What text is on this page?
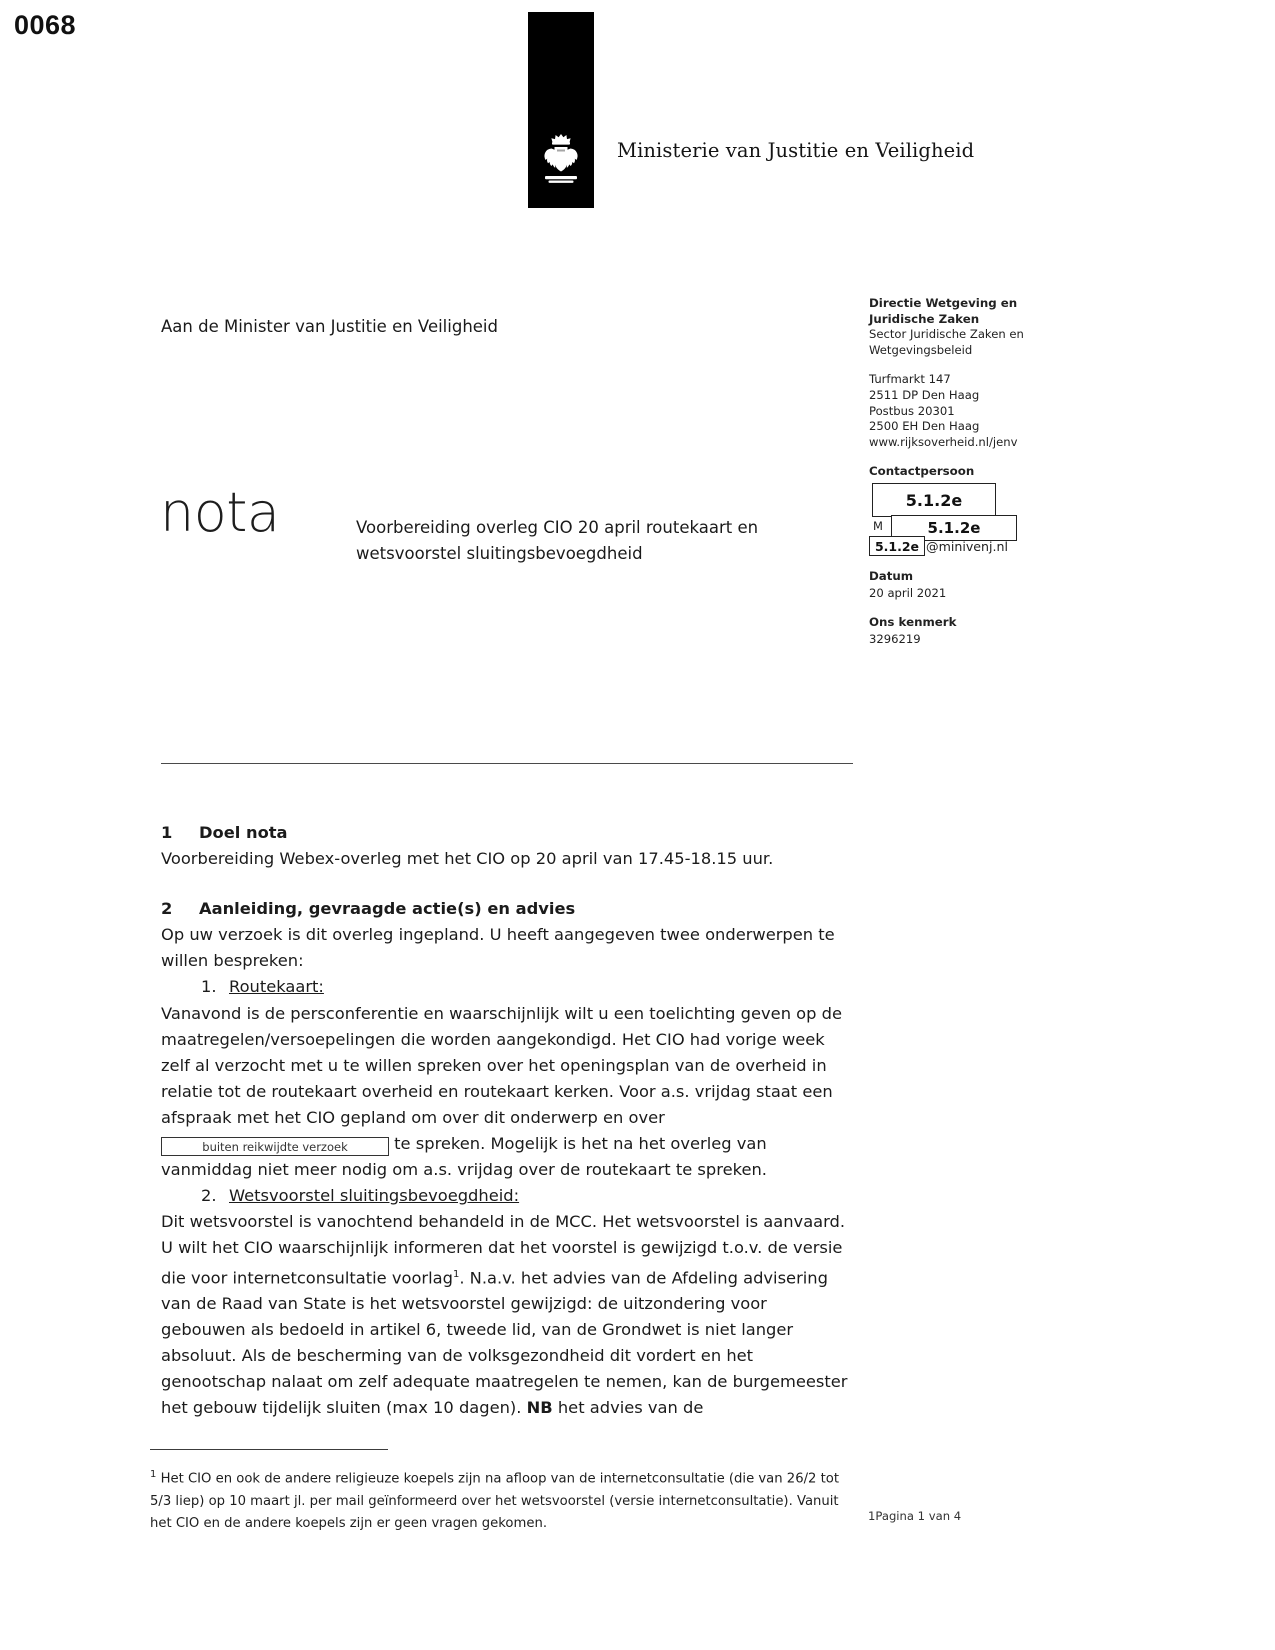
0068
Ministerie van Justitie en Veiligheid
Aan de Minister van Justitie en Veiligheid
nota	Voorbereiding overleg CIO 20 april routekaart en wetsvoorstel sluitingsbevoegdheid
Directie Wetgeving en
Juridische Zaken
Sector Juridische Zaken en
Wetgevingsbeleid
Turfmarkt 147
2511 DP Den Haag
Postbus 20301
2500 EH Den Haag
www.rijksoverheid.nl/jenv
Contactpersoon
5.1.2e
M	5.1.2e
5.1.2e @minivenj.nl
Datum
20 april 2021
Ons kenmerk
3296219
1 Doel nota

Voorbereiding Webex-overleg met het CIO op 20 april van 17.45-18.15 uur.

2 Aanleiding, gevraagde actie(s) en advies

Op uw verzoek is dit overleg ingepland. U heeft aangegeven twee onderwerpen te willen bespreken:

1. Routekaart:

Vanavond is de persconferentie en waarschijnlijk wilt u een toelichting geven op de maatregelen/versoepelingen die worden aangekondigd. Het CIO had vorige week zelf al verzocht met u te willen spreken over het openingsplan van de overheid in relatie tot de routekaart overheid en routekaart kerken. Voor a.s. vrijdag staat een afspraak met het CIO gepland om over dit onderwerp en over buiten reikwijdte verzoek	te spreken. Mogelijk is het na het overleg van vanmiddag niet meer nodig om a.s. vrijdag over de routekaart te spreken.

2. Wetsvoorstel sluitingsbevoegdheid:

Dit wetsvoorstel is vanochtend behandeld in de MCC. Het wetsvoorstel is aanvaard. U wilt het CIO waarschijnlijk informeren dat het voorstel is gewijzigd t.o.v. de versie die voor internetconsultatie voorlag$^1$. N.a.v. het advies van de Afdeling advisering van de Raad van State is het wetsvoorstel gewijzigd: de uitzondering voor gebouwen als bedoeld in artikel 6, tweede lid, van de Grondwet is niet langer absoluut. Als de bescherming van de volksgezondheid dit vordert en het genootschap nalaat om zelf adequate maatregelen te nemen, kan de burgemeester het gebouw tijdelijk sluiten (max 10 dagen). NB het advies van de

$^1$ Het CIO en ook de andere religieuze koepels zijn na afloop van de internetconsultatie (die van 26/2 tot 5/3 liep) op 10 maart jl. per mail geïnformeerd over het wetsvoorstel (versie internetconsultatie). Vanuit het CIO en de andere koepels zijn er geen vragen gekomen.
1Pagina 1 van 4
